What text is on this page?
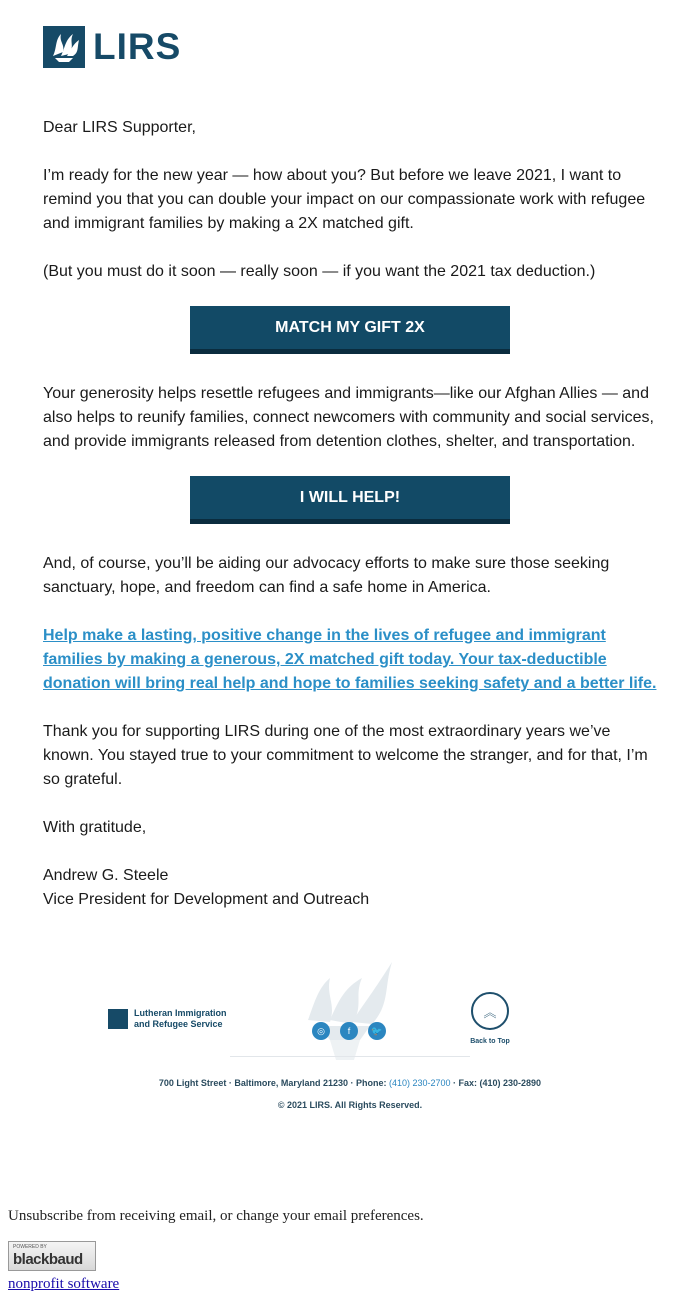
LIRS

Dear LIRS Supporter,

I’m ready for the new year — how about you? But before we leave 2021, I want to remind you that you can double your impact on our compassionate work with refugee and immigrant families by making a 2X matched gift.

(But you must do it soon — really soon — if you want the 2021 tax deduction.)

MATCH MY GIFT 2X

Your generosity helps resettle refugees and immigrants—like our Afghan Allies — and also helps to reunify families, connect newcomers with community and social services, and provide immigrants released from detention clothes, shelter, and transportation.

I WILL HELP!

And, of course, you’ll be aiding our advocacy efforts to make sure those seeking sanctuary, hope, and freedom can find a safe home in America.

Help make a lasting, positive change in the lives of refugee and immigrant families by making a generous, 2X matched gift today. Your tax-deductible donation will bring real help and hope to families seeking safety and a better life.

Thank you for supporting LIRS during one of the most extraordinary years we’ve known. You stayed true to your commitment to welcome the stranger, and for that, I’m so grateful.

With gratitude,

Andrew G. Steele

Vice President for Development and Outreach

Lutheran Immigration
and Refugee Service
◎	f	🐦
︽
Back to Top
700 Light Street · Baltimore, Maryland 21230 · Phone: (410) 230-2700 · Fax: (410) 230-2890
© 2021 LIRS. All Rights Reserved.
Unsubscribe from receiving email, or change your email preferences.
POWERED BY
blackbaud
nonprofit software
